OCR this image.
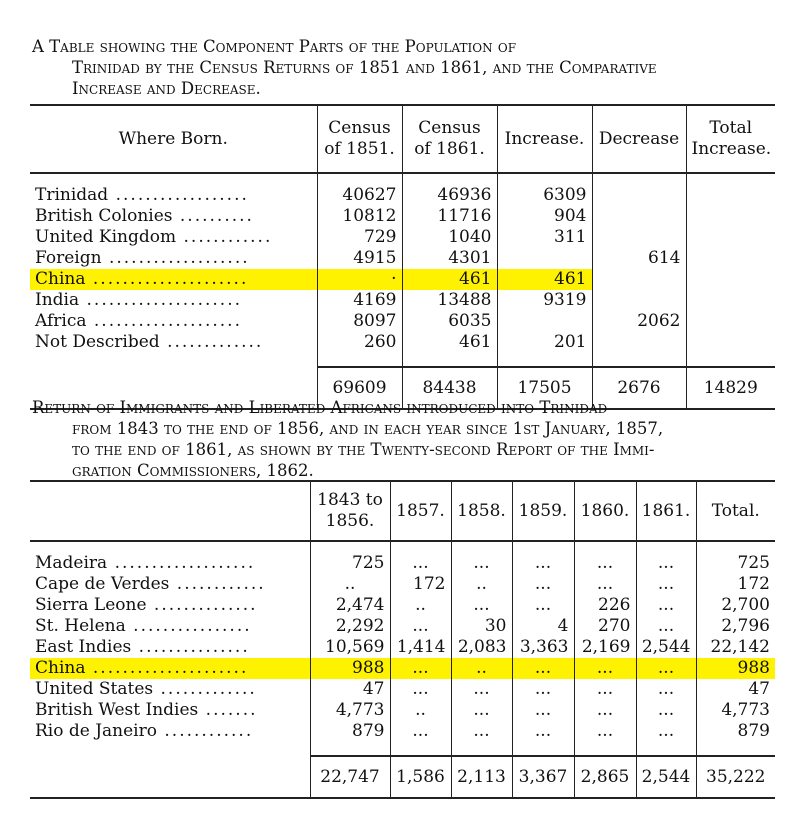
A Table showing the Component Parts of the Population of
Trinidad by the Census Returns of 1851 and 1861, and the Comparative
Increase and Decrease.
Where Born.	Census of 1851.	Census of 1861.	Increase.	Decrease	Total Increase.

Trinidad ..................	40627	46936	6309		
British Colonies ..........	10812	11716	904		
United Kingdom ............	729	1040	311		
Foreign ...................	4915	4301		614	
China .....................	·	461	461		
India .....................	4169	13488	9319		
Africa ....................	8097	6035		2062	
Not Described .............	260	461	201		

	69609	84438	17505	2676	14829
Return of Immigrants and Liberated Africans introduced into Trinidad
from 1843 to the end of 1856, and in each year since 1st January, 1857,
to the end of 1861, as shown by the Twenty-second Report of the Immi-
gration Commissioners, 1862.
	1843 to 1856.	1857.	1858.	1859.	1860.	1861.	Total.

Madeira ...................	725	...	...	...	...	...	725
Cape de Verdes ............	..	172	..	...	...	...	172
Sierra Leone ..............	2,474	..	...	...	226	...	2,700
St. Helena ................	2,292	...	30	4	270	...	2,796
East Indies ...............	10,569	1,414	2,083	3,363	2,169	2,544	22,142
China .....................	988	...	..	...	...	...	988
United States .............	47	...	...	...	...	...	47
British West Indies .......	4,773	..	...	...	...	...	4,773
Rio de Janeiro ............	879	...	...	...	...	...	879

	22,747	1,586	2,113	3,367	2,865	2,544	35,222
